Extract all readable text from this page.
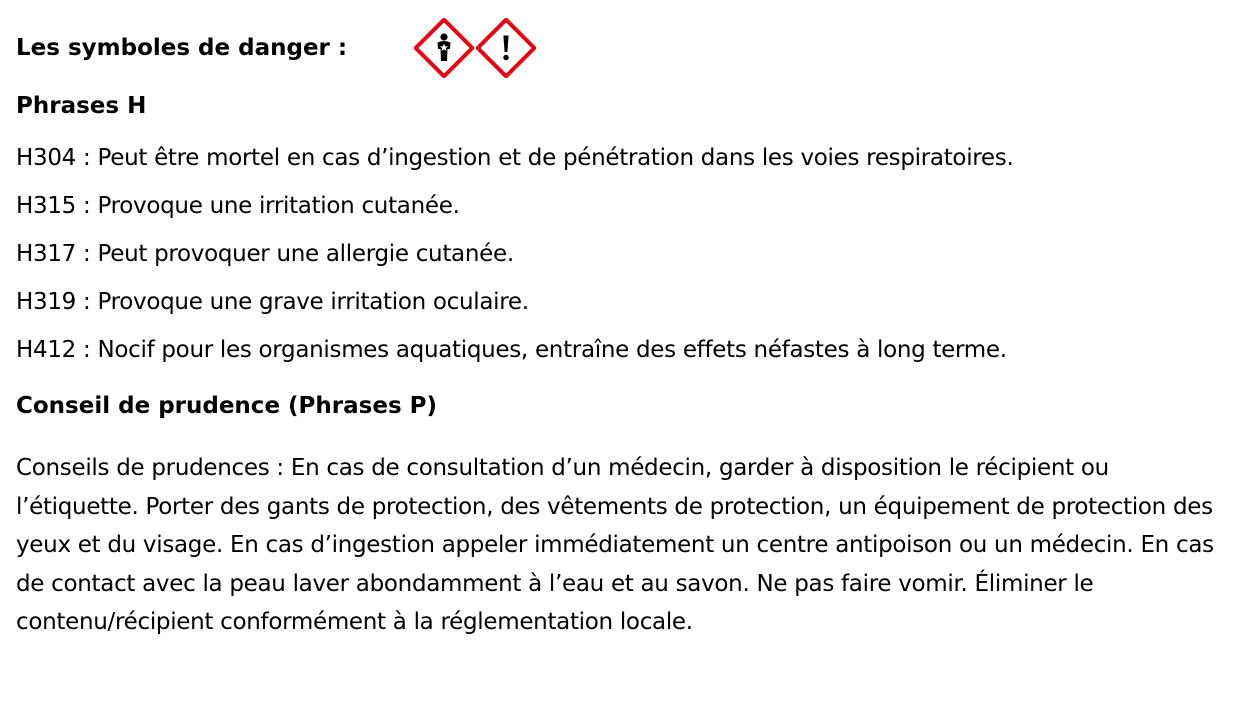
Les symboles de danger :
Phrases H
H304 : Peut être mortel en cas d’ingestion et de pénétration dans les voies respiratoires.
H315 : Provoque une irritation cutanée.
H317 : Peut provoquer une allergie cutanée.
H319 : Provoque une grave irritation oculaire.
H412 : Nocif pour les organismes aquatiques, entraîne des effets néfastes à long terme.
Conseil de prudence (Phrases P)

Conseils de prudences : En cas de consultation d’un médecin, garder à disposition le récipient ou l’étiquette. Porter des gants de protection, des vêtements de protection, un équipement de protection des yeux et du visage. En cas d’ingestion appeler immédiatement un centre antipoison ou un médecin. En cas de contact avec la peau laver abondamment à l’eau et au savon. Ne pas faire vomir. Éliminer le contenu/récipient conformément à la réglementation locale.
